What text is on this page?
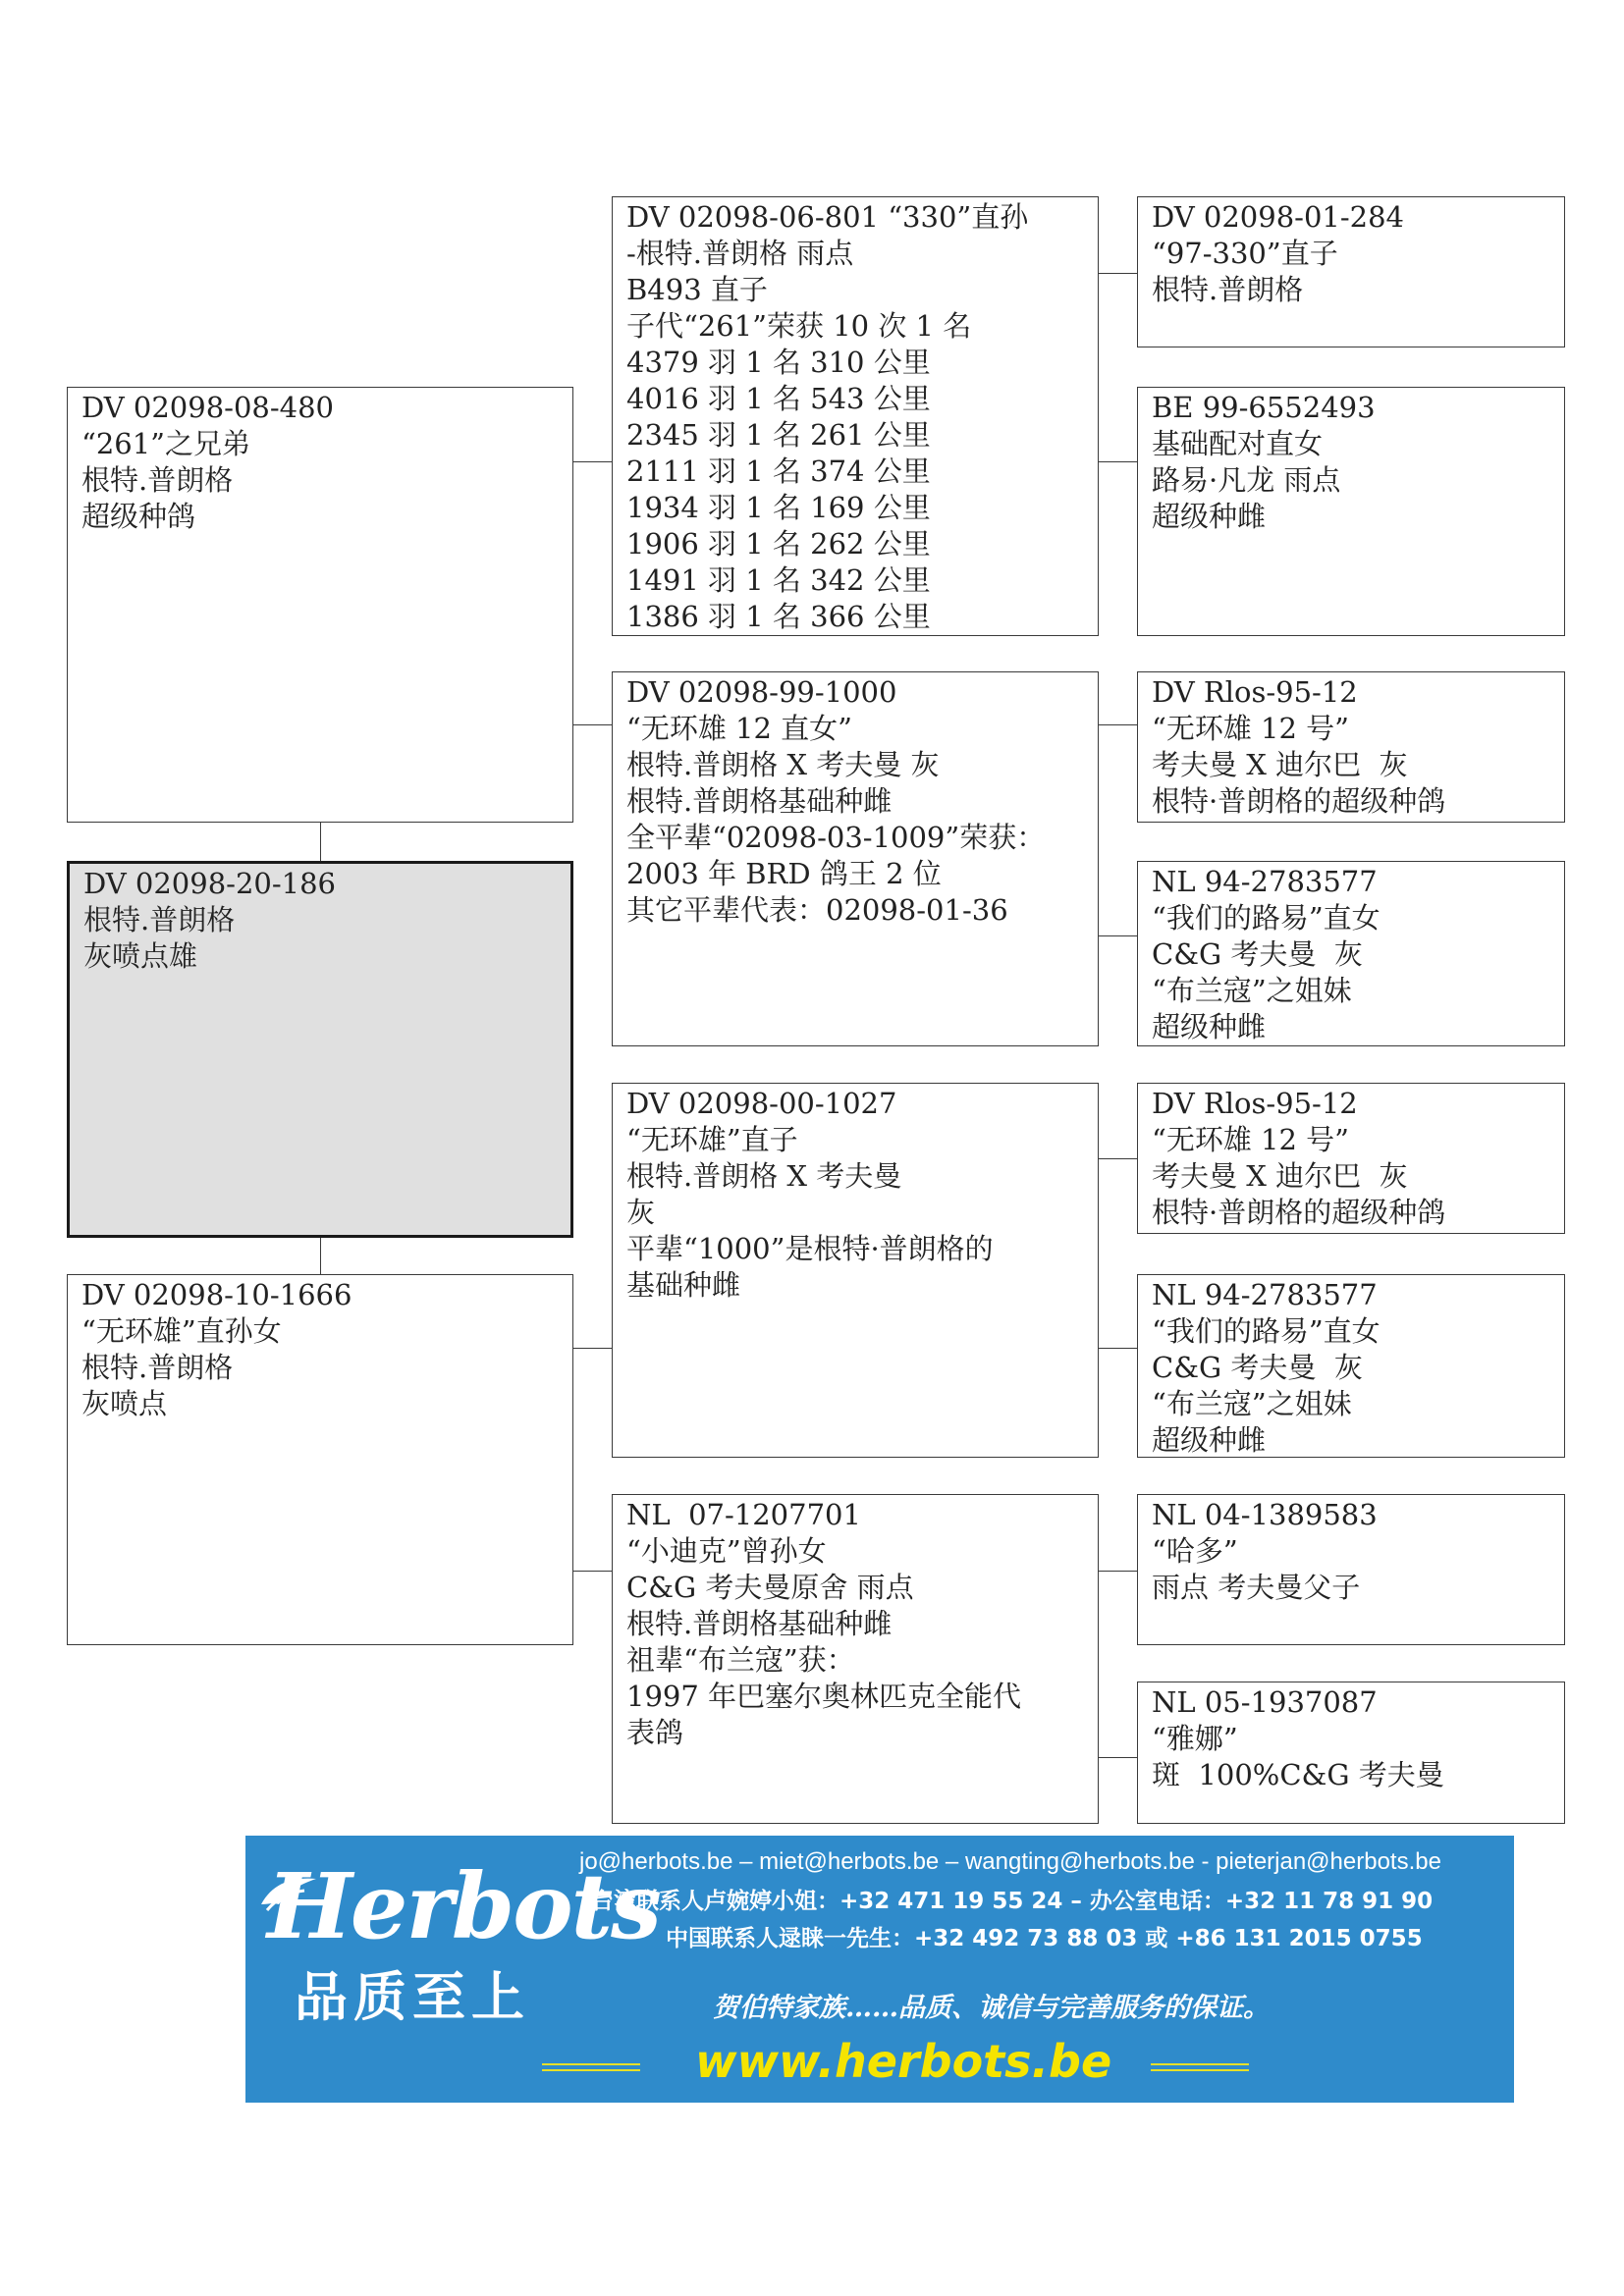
DV 02098-08-480
“261”之兄弟
根特.普朗格
超级种鸽
DV 02098-20-186
根特.普朗格
灰喷点雄
DV 02098-10-1666
“无环雄”直孙女
根特.普朗格
灰喷点
DV 02098-06-801 “330”直孙
-根特.普朗格 雨点
B493 直子
子代“261”荣获 10 次 1 名
4379 羽 1 名 310 公里
4016 羽 1 名 543 公里
2345 羽 1 名 261 公里
2111 羽 1 名 374 公里
1934 羽 1 名 169 公里
1906 羽 1 名 262 公里
1491 羽 1 名 342 公里
1386 羽 1 名 366 公里
DV 02098-99-1000
“无环雄 12 直女”
根特.普朗格 X 考夫曼 灰
根特.普朗格基础种雌
全平辈“02098-03-1009”荣获：
2003 年 BRD 鸽王 2 位
其它平辈代表：02098-01-36
DV 02098-00-1027
“无环雄”直子
根特.普朗格 X 考夫曼
灰
平辈“1000”是根特·普朗格的
基础种雌
NL  07-1207701
“小迪克”曾孙女
C&G 考夫曼原舍 雨点
根特.普朗格基础种雌
祖辈“布兰寇”获：
1997 年巴塞尔奥林匹克全能代
表鸽
DV 02098-01-284
“97-330”直子
根特.普朗格
BE 99-6552493
基础配对直女
路易·凡龙 雨点
超级种雌
DV Rlos-95-12
“无环雄 12 号”
考夫曼 X 迪尔巴  灰
根特·普朗格的超级种鸽
NL 94-2783577
“我们的路易”直女
C&G 考夫曼  灰
“布兰寇”之姐妹
超级种雌
DV Rlos-95-12
“无环雄 12 号”
考夫曼 X 迪尔巴  灰
根特·普朗格的超级种鸽
NL 94-2783577
“我们的路易”直女
C&G 考夫曼  灰
“布兰寇”之姐妹
超级种雌
NL 04-1389583
“哈多”
雨点 考夫曼父子
NL 05-1937087
“雅娜”
斑  100%C&G 考夫曼
Herbots
品质至上
jo@herbots.be – miet@herbots.be – wangting@herbots.be - pieterjan@herbots.be
台湾联系人卢婉婷小姐：+32 471 19 55 24 – 办公室电话：+32 11 78 91 90
中国联系人逯睐一先生：+32 492 73 88 03 或 +86 131 2015 0755
贺伯特家族……品质、诚信与完善服务的保证。
www.herbots.be
